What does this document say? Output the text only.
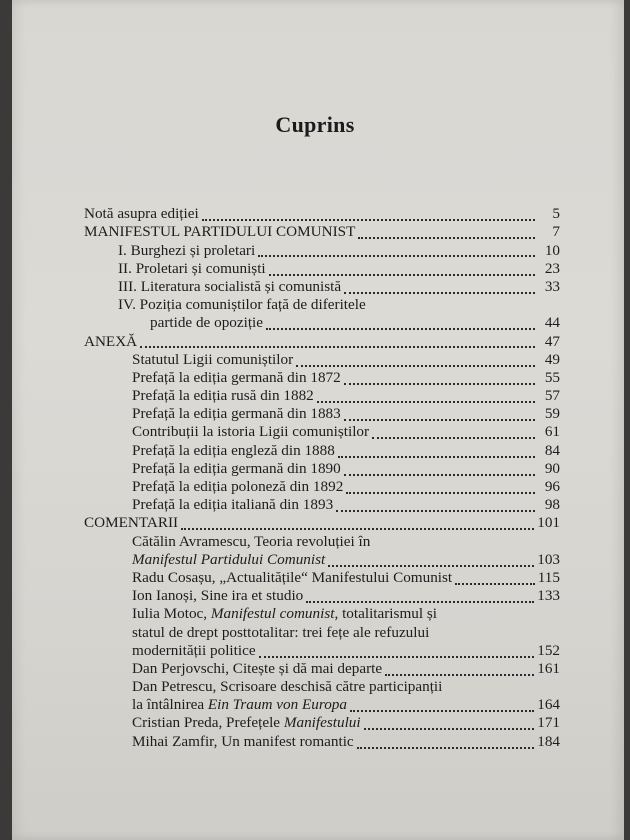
Cuprins
Notă asupra ediției	5
MANIFESTUL PARTIDULUI COMUNIST	7
I. Burghezi și proletari	10
II. Proletari și comuniști	23
III. Literatura socialistă și comunistă	33
IV. Poziția comuniștilor față de diferitele
partide de opoziție	44
ANEXĂ	47
Statutul Ligii comuniștilor	49
Prefață la ediția germană din 1872	55
Prefață la ediția rusă din 1882	57
Prefață la ediția germană din 1883	59
Contribuții la istoria Ligii comuniștilor	61
Prefață la ediția engleză din 1888	84
Prefață la ediția germană din 1890	90
Prefață la ediția poloneză din 1892	96
Prefață la ediția italiană din 1893	98
COMENTARII	101
Cătălin Avramescu, Teoria revoluției în
Manifestul Partidului Comunist	103
Radu Cosașu, „Actualitățile“ Manifestului Comunist	115
Ion Ianoși, Sine ira et studio	133
Iulia Motoc, Manifestul comunist, totalitarismul și
statul de drept posttotalitar: trei fețe ale refuzului
modernității politice	152
Dan Perjovschi, Citește și dă mai departe	161
Dan Petrescu, Scrisoare deschisă către participanții
la întâlnirea Ein Traum von Europa	164
Cristian Preda, Prefețele Manifestului	171
Mihai Zamfir, Un manifest romantic	184
